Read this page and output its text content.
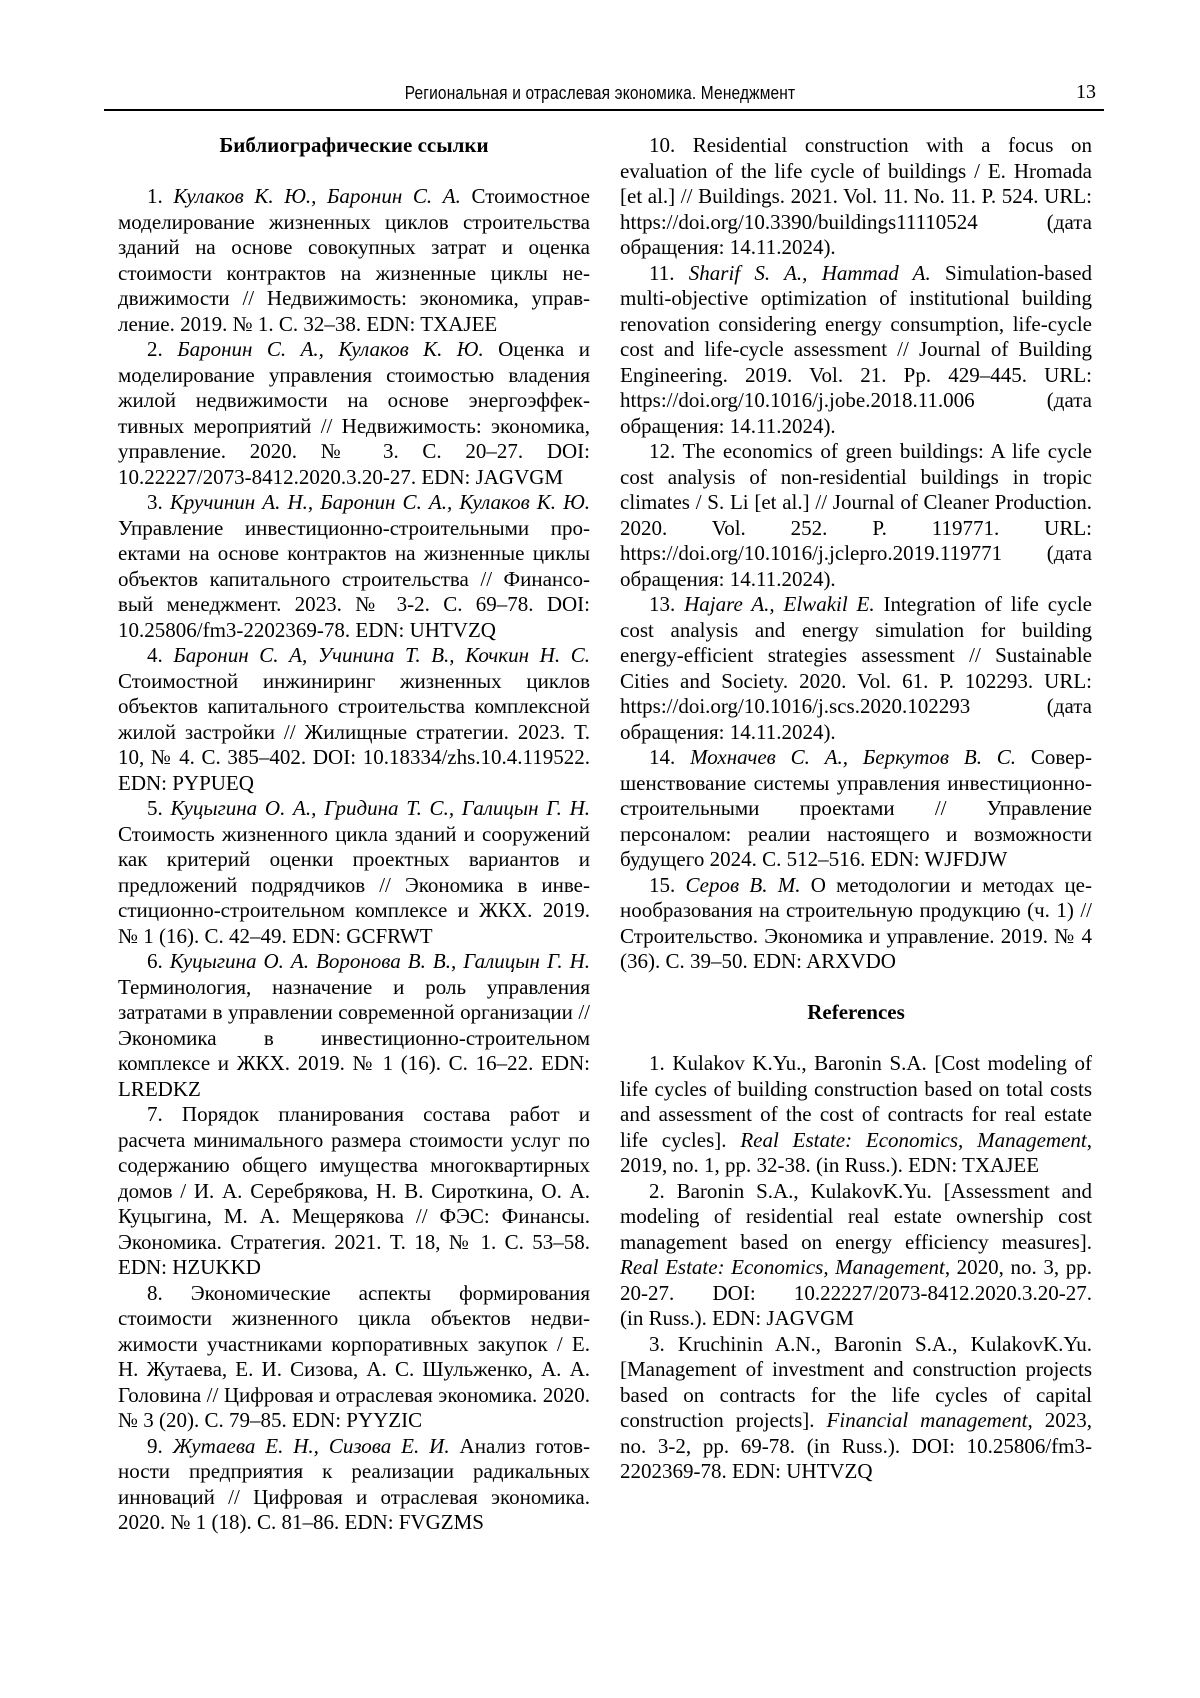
Региональная и отраслевая экономика. Менеджмент	13
Библиографические ссылки

1. Кулаков К. Ю., Баронин С. А. Стоимостное моделирование жизненных циклов строительства зданий на основе совокупных затрат и оценка стоимости контрактов на жизненные циклы недвижимости // Недвижимость: экономика, управление. 2019. № 1. С. 32–38. EDN: TXAJEE

2. Баронин С. А., Кулаков К. Ю. Оценка и моделирование управления стоимостью владения жилой недвижимости на основе энергоэффективных мероприятий // Недвижимость: экономика, управление. 2020. № 3. С. 20–27. DOI: 10.22227/2073-8412.2020.3.20-27. EDN: JAGVGM

3. Кручинин А. Н., Баронин С. А., Кулаков К. Ю. Управление инвестиционно-строительными проектами на основе контрактов на жизненные циклы объектов капитального строительства // Финансовый менеджмент. 2023. № 3-2. С. 69–78. DOI: 10.25806/fm3-2202369-78. EDN: UHTVZQ

4. Баронин С. А, Учинина Т. В., Кочкин Н. С. Стоимостной инжиниринг жизненных циклов объектов капитального строительства комплексной жилой застройки // Жилищные стратегии. 2023. Т. 10, № 4. С. 385–402. DOI: 10.18334/zhs.10.4.119522. EDN: PYPUEQ

5. Куцыгина О. А., Гридина Т. С., Галицын Г. Н. Стоимость жизненного цикла зданий и сооружений как критерий оценки проектных вариантов и предложений подрядчиков // Экономика в инвестиционно-строительном комплексе и ЖКХ. 2019. № 1 (16). С. 42–49. EDN: GCFRWT

6. Куцыгина О. А. Воронова В. В., Галицын Г. Н. Терминология, назначение и роль управления затратами в управлении современной организации // Экономика в инвестиционно-строительном комплексе и ЖКХ. 2019. № 1 (16). С. 16–22. EDN: LREDKZ

7. Порядок планирования состава работ и расчета минимального размера стоимости услуг по содержанию общего имущества многоквартирных домов / И. А. Серебрякова, Н. В. Сироткина, О. А. Куцыгина, М. А. Мещерякова // ФЭС: Финансы. Экономика. Стратегия. 2021. Т. 18, № 1. С. 53–58. EDN: HZUKKD

8. Экономические аспекты формирования стоимости жизненного цикла объектов недвижимости участниками корпоративных закупок / Е. Н. Жутаева, Е. И. Сизова, А. С. Шульженко, А. А. Головина // Цифровая и отраслевая экономика. 2020. № 3 (20). С. 79–85. EDN: PYYZIC

9. Жутаева Е. Н., Сизова Е. И. Анализ готовности предприятия к реализации радикальных инноваций // Цифровая и отраслевая экономика. 2020. № 1 (18). С. 81–86. EDN: FVGZMS

10. Residential construction with a focus on evaluation of the life cycle of buildings / E. Hromada [et al.] // Buildings. 2021. Vol. 11. No. 11. P. 524. URL: https://doi.org/10.3390/buildings11110524 (дата обращения: 14.11.2024).

11. Sharif S. A., Hammad A. Simulation-based multi-objective optimization of institutional building renovation considering energy consumption, life-cycle cost and life-cycle assessment // Journal of Building Engineering. 2019. Vol. 21. Pp. 429–445. URL: https://doi.org/10.1016/j.jobe.2018.11.006 (дата обращения: 14.11.2024).

12. The economics of green buildings: A life cycle cost analysis of non-residential buildings in tropic climates / S. Li [et al.] // Journal of Cleaner Production. 2020. Vol. 252. P. 119771. URL: https://doi.org/10.1016/j.jclepro.2019.119771 (дата обращения: 14.11.2024).

13. Hajare A., Elwakil E. Integration of life cycle cost analysis and energy simulation for building energy-efficient strategies assessment // Sustainable Cities and Society. 2020. Vol. 61. P. 102293. URL: https://doi.org/10.1016/j.scs.2020.102293 (дата обращения: 14.11.2024).

14. Мохначев С. А., Беркутов В. С. Совершенствование системы управления инвестиционно-строительными проектами // Управление персоналом: реалии настоящего и возможности будущего 2024. С. 512–516. EDN: WJFDJW

15. Серов В. М. О методологии и методах ценообразования на строительную продукцию (ч. 1) // Строительство. Экономика и управление. 2019. № 4 (36). С. 39–50. EDN: ARXVDO

References

1. Kulakov K.Yu., Baronin S.A. [Cost modeling of life cycles of building construction based on total costs and assessment of the cost of contracts for real estate life cycles]. Real Estate: Economics, Management, 2019, no. 1, pp. 32-38. (in Russ.). EDN: TXAJEE

2. Baronin S.A., KulakovK.Yu. [Assessment and modeling of residential real estate ownership cost management based on energy efficiency measures]. Real Estate: Economics, Management, 2020, no. 3, pp. 20-27. DOI: 10.22227/2073-8412.2020.3.20-27. (in Russ.). EDN: JAGVGM

3. Kruchinin A.N., Baronin S.A., KulakovK.Yu. [Management of investment and construction projects based on contracts for the life cycles of capital construction projects]. Financial management, 2023, no. 3-2, pp. 69-78. (in Russ.). DOI: 10.25806/fm3-2202369-78. EDN: UHTVZQ
